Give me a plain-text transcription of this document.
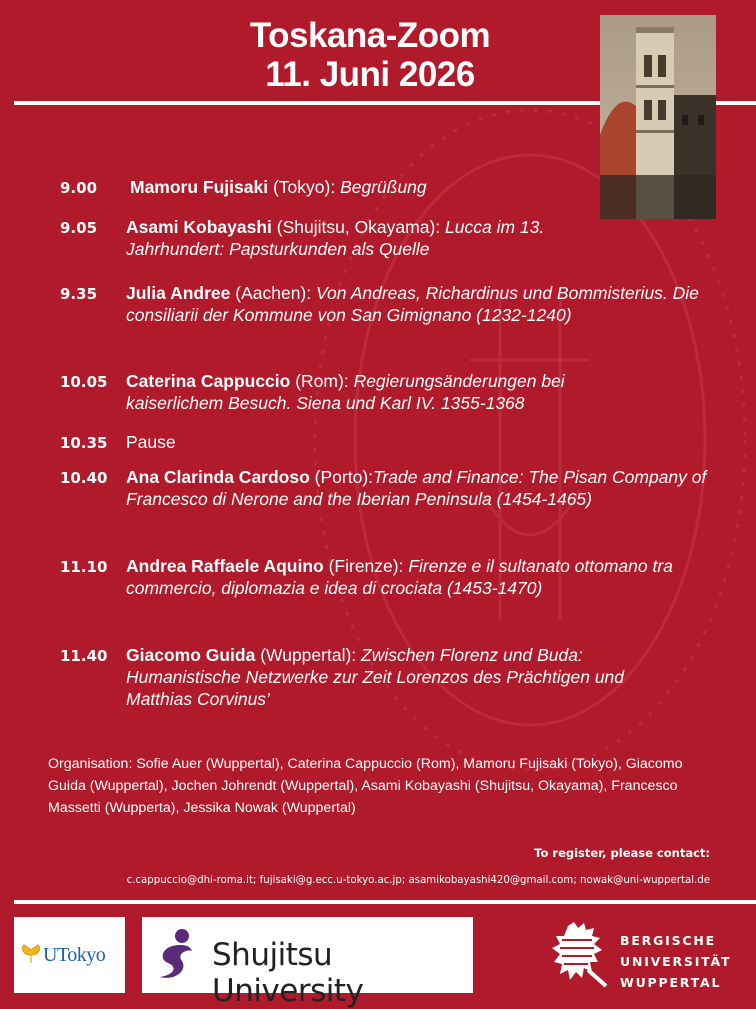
Toskana-Zoom
11. Juni 2026
9.00 Mamoru Fujisaki (Tokyo): Begrüßung
9.05 Asami Kobayashi (Shujitsu, Okayama): Lucca im 13. Jahrhundert: Papsturkunden als Quelle
9.35 Julia Andree (Aachen): Von Andreas, Richardinus und Bommisterius. Die consiliarii der Kommune von San Gimignano (1232-1240)
10.05 Caterina Cappuccio (Rom): Regierungsänderungen bei kaiserlichem Besuch. Siena und Karl IV. 1355-1368
10.35 Pause
10.40 Ana Clarinda Cardoso (Porto):Trade and Finance: The Pisan Company of Francesco di Nerone and the Iberian Peninsula (1454-1465)
11.10 Andrea Raffaele Aquino (Firenze): Firenze e il sultanato ottomano tra commercio, diplomazia e idea di crociata (1453-1470)
11.40 Giacomo Guida (Wuppertal): Zwischen Florenz und Buda: Humanistische Netzwerke zur Zeit Lorenzos des Prächtigen und Matthias Corvinus’
Organisation: Sofie Auer (Wuppertal), Caterina Cappuccio (Rom), Mamoru Fujisaki (Tokyo), Giacomo Guida (Wuppertal), Jochen Johrendt (Wuppertal), Asami Kobayashi (Shujitsu, Okayama), Francesco Massetti (Wupperta), Jessika Nowak (Wuppertal)
To register, please contact:
c.cappuccio@dhi-roma.it; fujisaki@g.ecc.u-tokyo.ac.jp; asamikobayashi420@gmail.com; nowak@uni-wuppertal.de
UTokyo	Shujitsu University
BERGISCHE
UNIVERSITÄT
WUPPERTAL
